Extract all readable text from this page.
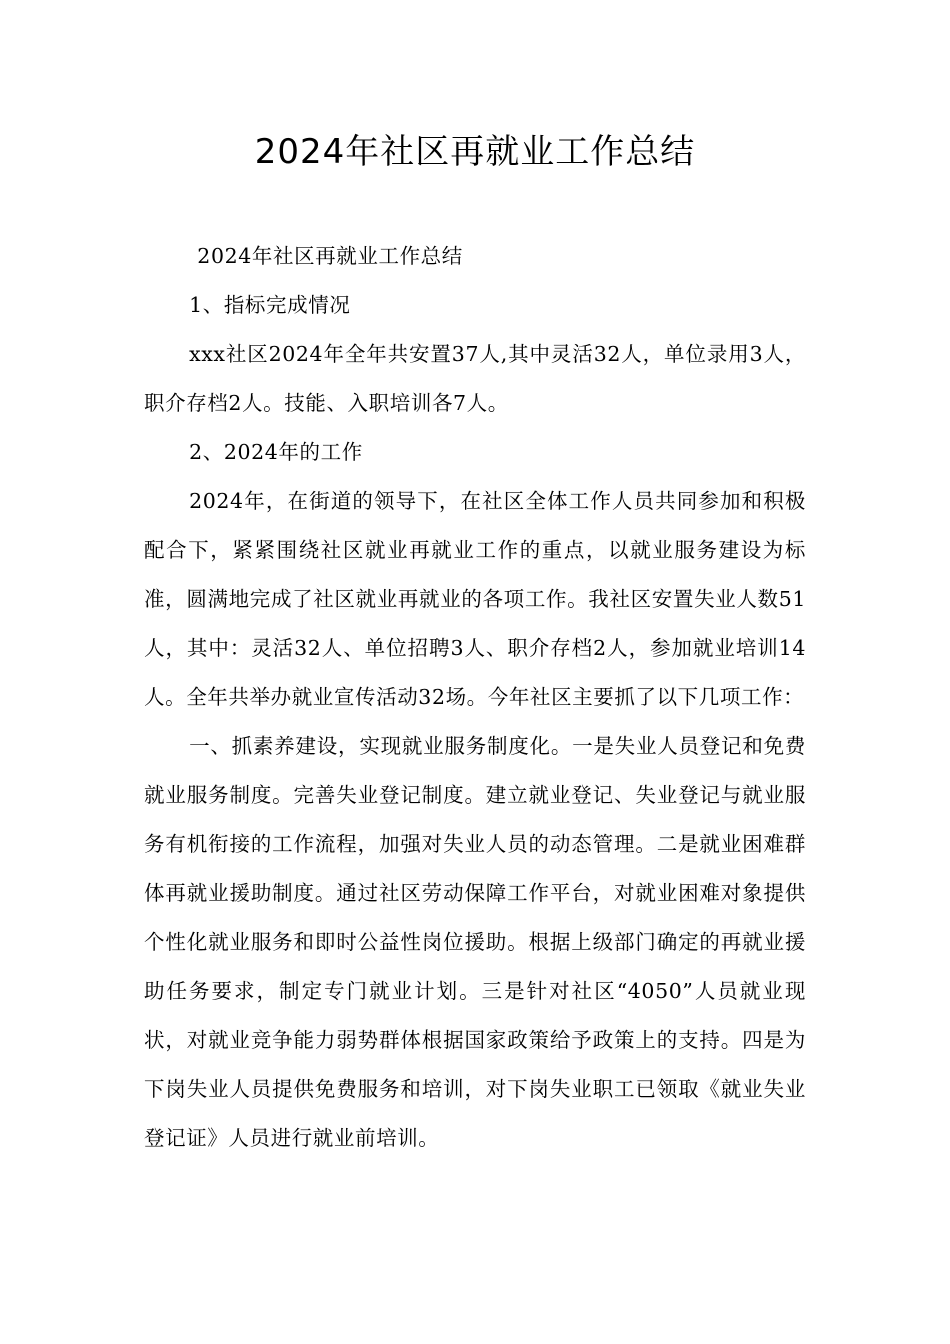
2024年社区再就业工作总结

2024年社区再就业工作总结

1、指标完成情况

xxx社区2024年全年共安置37人,其中灵活32人，单位录用3人，职介存档2人。技能、入职培训各7人。

2、2024年的工作

2024年，在街道的领导下，在社区全体工作人员共同参加和积极配合下，紧紧围绕社区就业再就业工作的重点，以就业服务建设为标准，圆满地完成了社区就业再就业的各项工作。我社区安置失业人数51人，其中：灵活32人、单位招聘3人、职介存档2人，参加就业培训14人。全年共举办就业宣传活动32场。今年社区主要抓了以下几项工作：

一、抓素养建设，实现就业服务制度化。一是失业人员登记和免费就业服务制度。完善失业登记制度。建立就业登记、失业登记与就业服务有机衔接的工作流程，加强对失业人员的动态管理。二是就业困难群体再就业援助制度。通过社区劳动保障工作平台，对就业困难对象提供个性化就业服务和即时公益性岗位援助。根据上级部门确定的再就业援助任务要求，制定专门就业计划。三是针对社区“4050”人员就业现状，对就业竞争能力弱势群体根据国家政策给予政策上的支持。四是为下岗失业人员提供免费服务和培训，对下岗失业职工已领取《就业失业登记证》人员进行就业前培训。
